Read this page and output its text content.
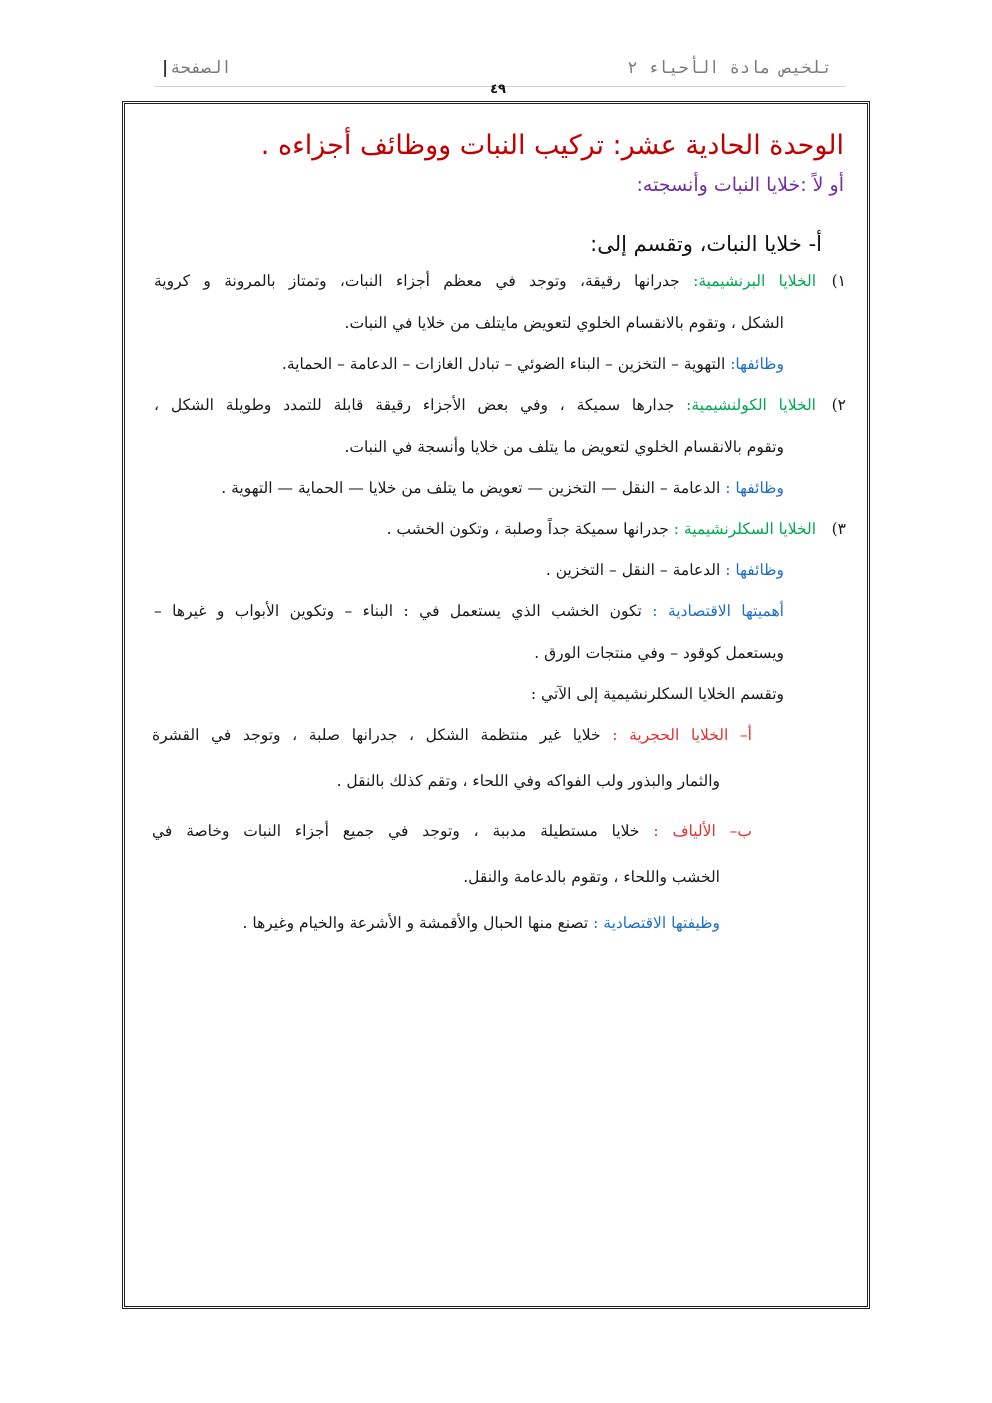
تلخيص مادة الأحياء ٢
الصفحة|
٤٩
الوحدة الحادية عشر: تركيب النبات ووظائف أجزاءه .
أو لاً :خلايا النبات وأنسجته:
أ- خلايا النبات، وتقسم إلى:
١)
الخلايا البرنشيمية: جدرانها رقيقة، وتوجد في معظم أجزاء النبات، وتمتاز بالمرونة و كروية
الشكل ، وتقوم بالانقسام الخلوي لتعويض مايتلف من خلايا في النبات.
وظائفها: التهوية – التخزين – البناء الضوئي – تبادل الغازات – الدعامة – الحماية.
٢)
الخلايا الكولنشيمية: جدارها سميكة ، وفي بعض الأجزاء رقيقة قابلة للتمدد وطويلة الشكل ،
وتقوم بالانقسام الخلوي لتعويض ما يتلف من خلايا وأنسجة في النبات.
وظائفها : الدعامة – النقل — التخزين — تعويض ما يتلف من خلايا — الحماية — التهوية .
٣)
الخلايا السكلرنشيمية : جدرانها سميكة جداً وصلبة ، وتكون الخشب .
وظائفها : الدعامة – النقل – التخزين .
أهميتها الاقتصادية : تكون الخشب الذي يستعمل في : البناء – وتكوين الأبواب و غيرها –
ويستعمل كوقود – وفي منتجات الورق .
وتقسم الخلايا السكلرنشيمية إلى الآتي :
أ– الخلايا الحجرية : خلايا غير منتظمة الشكل ، جدرانها صلبة ، وتوجد في القشرة
والثمار والبذور ولب الفواكه وفي اللحاء ، وتقم كذلك بالنقل .
ب– الألياف : خلايا مستطيلة مدببة ، وتوجد في جميع أجزاء النبات وخاصة في
الخشب واللحاء ، وتقوم بالدعامة والنقل.
وظيفتها الاقتصادية : تصنع منها الحبال والأقمشة و الأشرعة والخيام وغيرها .
